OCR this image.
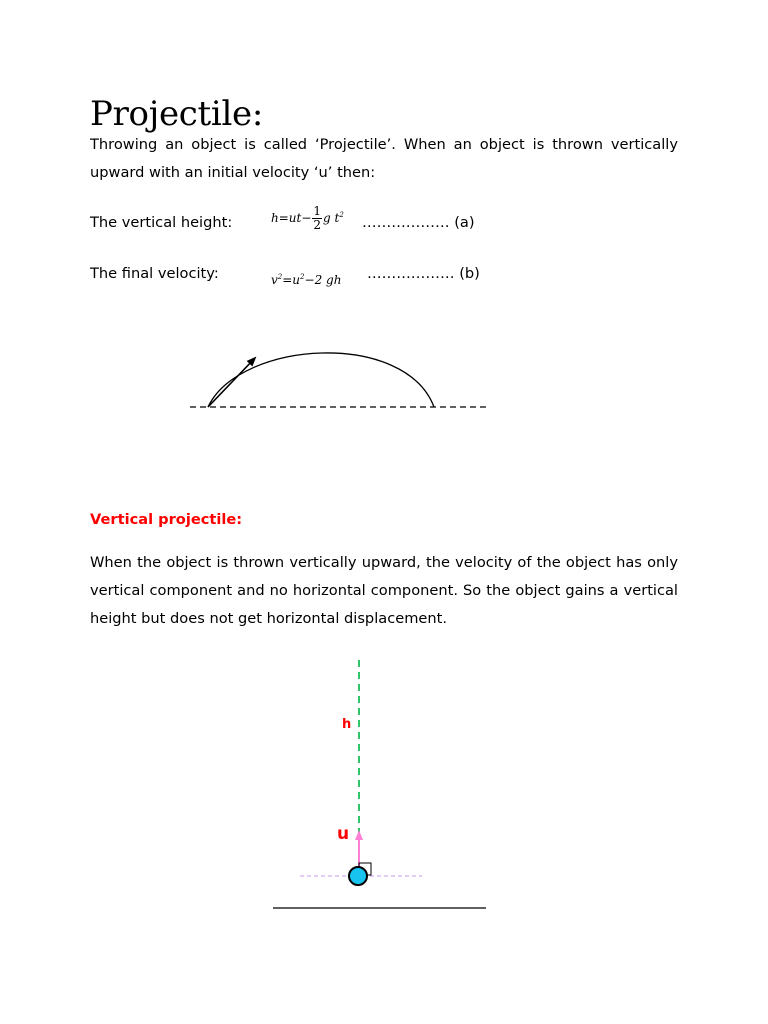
Projectile:
Throwing an object is called ‘Projectile’. When an object is thrown vertically upward with an initial velocity ‘u’ then:
The vertical height:	$h=ut- \frac{1}{2}$ g $t^2$ ……………… (a)
The final velocity:	$v^2=u^2-2$ gh ……………… (b)
h
u
Vertical projectile:
When the object is thrown vertically upward, the velocity of the object has only vertical component and no horizontal component. So the object gains a vertical height but does not get horizontal displacement.
